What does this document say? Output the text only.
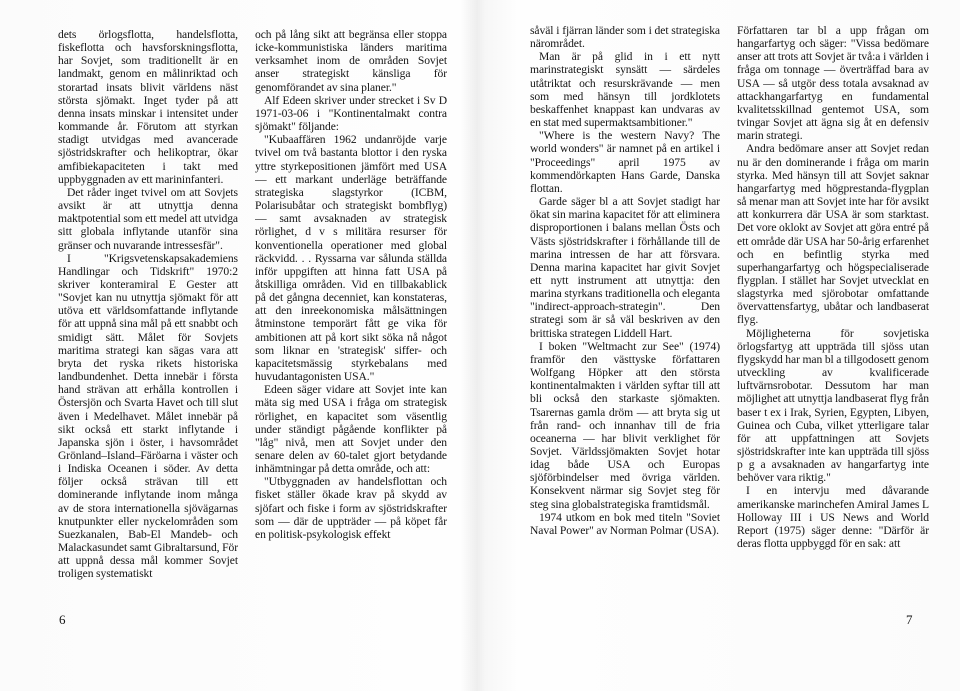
dets örlogsflotta, handelsflotta, fiskeflotta och havsforskningsflotta, har Sovjet, som traditionellt är en landmakt, genom en målinriktad och storartad insats blivit världens näst största sjömakt. Inget tyder på att denna insats minskar i intensitet under kommande år. Förutom att styrkan stadigt utvidgas med avancerade sjöstridskrafter och helikoptrar, ökar amfibiekapaciteten i takt med uppbyggnaden av ett marininfanteri.

Det råder inget tvivel om att Sovjets avsikt är att utnyttja denna maktpotential som ett medel att utvidga sitt globala inflytande utanför sina gränser och nuvarande intressesfär".

I "Krigsvetenskapsakademiens Handlingar och Tidskrift" 1970:2 skriver konteramiral E Gester att "Sovjet kan nu utnyttja sjömakt för att utöva ett världsomfattande inflytande för att uppnå sina mål på ett snabbt och smidigt sätt. Målet för Sovjets maritima strategi kan sägas vara att bryta det ryska rikets historiska landbundenhet. Detta innebär i första hand strävan att erhålla kontrollen i Östersjön och Svarta Havet och till slut även i Medelhavet. Målet innebär på sikt också ett starkt inflytande i Japanska sjön i öster, i havsområdet Grönland–Island–Färöarna i väster och i Indiska Oceanen i söder. Av detta följer också strävan till ett dominerande inflytande inom många av de stora internationella sjövägarnas knutpunkter eller nyckelområden som Suezkanalen, Bab-El Mandeb- och Malackasundet samt Gibraltarsund, För att uppnå dessa mål kommer Sovjet troligen systematiskt

och på lång sikt att begränsa eller stoppa icke-kommunistiska länders maritima verksamhet inom de områden Sovjet anser strategiskt känsliga för genomförandet av sina planer."

Alf Edeen skriver under strecket i Sv D 1971-03-06 i "Kontinentalmakt contra sjömakt" följande:

"Kubaaffären 1962 undanröjde varje tvivel om två bastanta blottor i den ryska yttre styrkepositionen jämfört med USA — ett markant underläge beträffande strategiska slagstyrkor (ICBM, Polarisubåtar och strategiskt bombflyg) — samt avsaknaden av strategisk rörlighet, d v s militära resurser för konventionella operationer med global räckvidd. . . Ryssarna var sålunda ställda inför uppgiften att hinna fatt USA på åtskilliga områden. Vid en tillbakablick på det gångna decenniet, kan konstateras, att den inreekonomiska målsättningen åtminstone temporärt fått ge vika för ambitionen att på kort sikt söka nå något som liknar en 'strategisk' siffer- och kapacitetsmässig styrkebalans med huvudantagonisten USA."

Edeen säger vidare att Sovjet inte kan mäta sig med USA i fråga om strategisk rörlighet, en kapacitet som väsentlig under ständigt pågående konflikter på "låg" nivå, men att Sovjet under den senare delen av 60-talet gjort betydande inhämtningar på detta område, och att:

"Utbyggnaden av handelsflottan och fisket ställer ökade krav på skydd av sjöfart och fiske i form av sjöstridskrafter som — där de uppträder — på köpet får en politisk-psykologisk effekt

6

såväl i fjärran länder som i det strategiska närområdet.

Man är på glid in i ett nytt marinstrategiskt synsätt — särdeles utåtriktat och resurskrävande — men som med hänsyn till jordklotets beskaffenhet knappast kan undvaras av en stat med supermaktsambitioner."

"Where is the western Navy? The world wonders" är namnet på en artikel i "Proceedings" april 1975 av kommendörkapten Hans Garde, Danska flottan.

Garde säger bl a att Sovjet stadigt har ökat sin marina kapacitet för att eliminera disproportionen i balans mellan Östs och Västs sjöstridskrafter i förhållande till de marina intressen de har att försvara. Denna marina kapacitet har givit Sovjet ett nytt instrument att utnyttja: den marina styrkans traditionella och eleganta "indirect-approach-strategin". Den strategi som är så väl beskriven av den brittiska strategen Liddell Hart.

I boken "Weltmacht zur See" (1974) framför den västtyske författaren Wolfgang Höpker att den största kontinentalmakten i världen syftar till att bli också den starkaste sjömakten. Tsarernas gamla dröm — att bryta sig ut från rand- och innanhav till de fria oceanerna — har blivit verklighet för Sovjet. Världssjömakten Sovjet hotar idag både USA och Europas sjöförbindelser med övriga världen. Konsekvent närmar sig Sovjet steg för steg sina globalstrategiska framtidsmål.

1974 utkom en bok med titeln "Soviet Naval Power" av Norman Polmar (USA).

Författaren tar bl a upp frågan om hangarfartyg och säger: "Vissa bedömare anser att trots att Sovjet är två:a i världen i fråga om tonnage — överträffad bara av USA — så utgör dess totala avsaknad av attackhangarfartyg en fundamental kvalitetsskillnad gentemot USA, som tvingar Sovjet att ägna sig åt en defensiv marin strategi.

Andra bedömare anser att Sovjet redan nu är den dominerande i fråga om marin styrka. Med hänsyn till att Sovjet saknar hangarfartyg med högprestanda-flygplan så menar man att Sovjet inte har för avsikt att konkurrera där USA är som starktast. Det vore oklokt av Sovjet att göra entré på ett område där USA har 50-årig erfarenhet och en befintlig styrka med superhangarfartyg och högspecialiserade flygplan. I stället har Sovjet utvecklat en slagstyrka med sjörobotar omfattande övervattensfartyg, ubåtar och landbaserat flyg.

Möjligheterna för sovjetiska örlogsfartyg att uppträda till sjöss utan flygskydd har man bl a tillgodosett genom utveckling av kvalificerade luftvärnsrobotar. Dessutom har man möjlighet att utnyttja landbaserat flyg från baser t ex i Irak, Syrien, Egypten, Libyen, Guinea och Cuba, vilket ytterligare talar för att uppfattningen att Sovjets sjöstridskrafter inte kan uppträda till sjöss p g a avsaknaden av hangarfartyg inte behöver vara riktig."

I en intervju med dåvarande amerikanske marinchefen Amiral James L Holloway III i US News and World Report (1975) säger denne: "Därför är deras flotta uppbyggd för en sak: att

7
